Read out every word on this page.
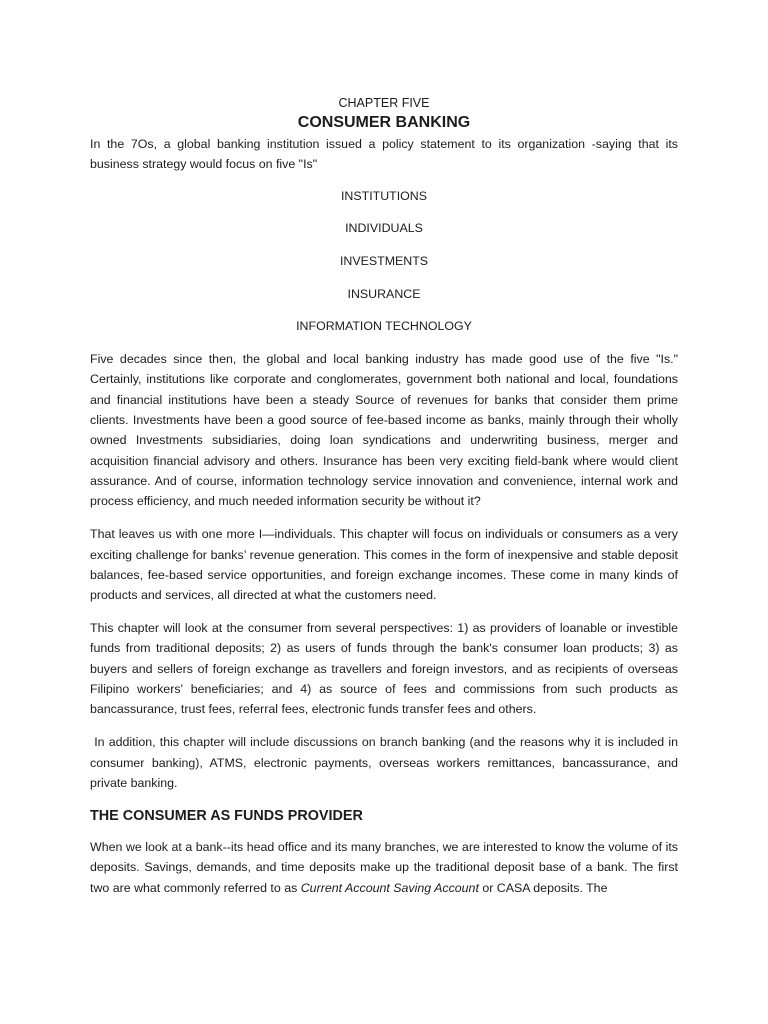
CHAPTER FIVE
CONSUMER BANKING

In the 7Os, a global banking institution issued a policy statement to its organization -saying that its business strategy would focus on five "Is"

INSTITUTIONS
INDIVIDUALS
INVESTMENTS
INSURANCE
INFORMATION TECHNOLOGY

Five decades since then, the global and local banking industry has made good use of the five "Is." Certainly, institutions like corporate and conglomerates, government both national and local, foundations and financial institutions have been a steady Source of revenues for banks that consider them prime clients. Investments have been a good source of fee-based income as banks, mainly through their wholly owned Investments subsidiaries, doing loan syndications and underwriting business, merger and acquisition financial advisory and others. Insurance has been very exciting field-bank where would client assurance. And of course, information technology service innovation and convenience, internal work and process efficiency, and much needed information security be without it?

That leaves us with one more I—individuals. This chapter will focus on individuals or consumers as a very exciting challenge for banks’ revenue generation. This comes in the form of inexpensive and stable deposit balances, fee-based service opportunities, and foreign exchange incomes. These come in many kinds of products and services, all directed at what the customers need.

This chapter will look at the consumer from several perspectives: 1) as providers of loanable or investible funds from traditional deposits; 2) as users of funds through the bank's consumer loan products; 3) as buyers and sellers of foreign exchange as travellers and foreign investors, and as recipients of overseas Filipino workers' beneficiaries; and 4) as source of fees and commissions from such products as bancassurance, trust fees, referral fees, electronic funds transfer fees and others.

In addition, this chapter will include discussions on branch banking (and the reasons why it is included in consumer banking), ATMS, electronic payments, overseas workers remittances, bancassurance, and private banking.

THE CONSUMER AS FUNDS PROVIDER

When we look at a bank--its head office and its many branches, we are interested to know the volume of its deposits. Savings, demands, and time deposits make up the traditional deposit base of a bank. The first two are what commonly referred to as Current Account Saving Account or CASA deposits. The
